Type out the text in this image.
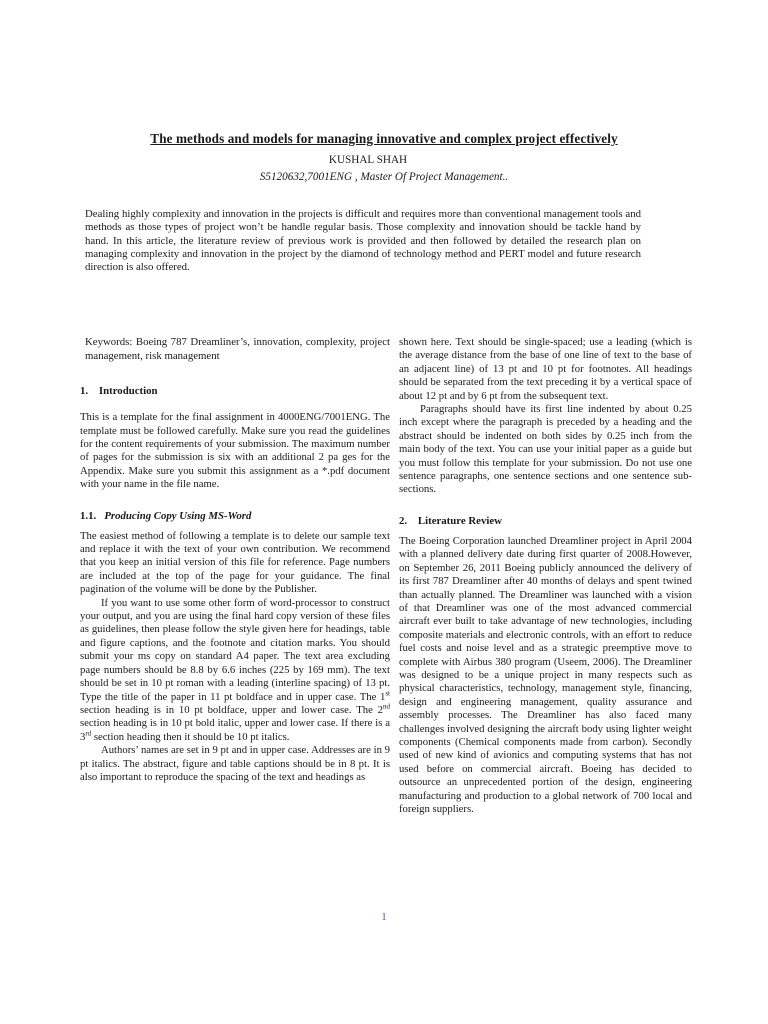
The methods and models for managing innovative and complex project effectively
KUSHAL SHAH
S5120632,7001ENG , Master Of Project Management..

Dealing highly complexity and innovation in the projects is difficult and requires more than conventional management tools and methods as those types of project won’t be handle regular basis. Those complexity and innovation should be tackle hand by hand. In this article, the literature review of previous work is provided and then followed by detailed the research plan on managing complexity and innovation in the project by the diamond of technology method and PERT model and future research direction is also offered.

Keywords: Boeing 787 Dreamliner’s, innovation, complexity, project management, risk management

1. Introduction

This is a template for the final assignment in 4000ENG/7001ENG. The template must be followed carefully. Make sure you read the guidelines for the content requirements of your submission. The maximum number of pages for the submission is six with an additional 2 pa ges for the Appendix. Make sure you submit this assignment as a *.pdf document with your name in the file name.

1.1. Producing Copy Using MS-Word

The easiest method of following a template is to delete our sample text and replace it with the text of your own contribution. We recommend that you keep an initial version of this file for reference. Page numbers are included at the top of the page for your guidance. The final pagination of the volume will be done by the Publisher.

If you want to use some other form of word-processor to construct your output, and you are using the final hard copy version of these files as guidelines, then please follow the style given here for headings, table and figure captions, and the footnote and citation marks. You should submit your ms copy on standard A4 paper. The text area excluding page numbers should be 8.8 by 6.6 inches (225 by 169 mm). The text should be set in 10 pt roman with a leading (interline spacing) of 13 pt. Type the title of the paper in 11 pt boldface and in upper case. The 1st section heading is in 10 pt boldface, upper and lower case. The 2nd section heading is in 10 pt bold italic, upper and lower case. If there is a 3rd section heading then it should be 10 pt italics.

Authors’ names are set in 9 pt and in upper case. Addresses are in 9 pt italics. The abstract, figure and table captions should be in 8 pt. It is also important to reproduce the spacing of the text and headings as

shown here. Text should be single-spaced; use a leading (which is the average distance from the base of one line of text to the base of an adjacent line) of 13 pt and 10 pt for footnotes. All headings should be separated from the text preceding it by a vertical space of about 12 pt and by 6 pt from the subsequent text.

Paragraphs should have its first line indented by about 0.25 inch except where the paragraph is preceded by a heading and the abstract should be indented on both sides by 0.25 inch from the main body of the text. You can use your initial paper as a guide but you must follow this template for your submission. Do not use one sentence paragraphs, one sentence sections and one sentence sub-sections.

2. Literature Review

The Boeing Corporation launched Dreamliner project in April 2004 with a planned delivery date during first quarter of 2008.However, on September 26, 2011 Boeing publicly announced the delivery of its first 787 Dreamliner after 40 months of delays and spent twined than actually planned. The Dreamliner was launched with a vision of that Dreamliner was one of the most advanced commercial aircraft ever built to take advantage of new technologies, including composite materials and electronic controls, with an effort to reduce fuel costs and noise level and as a strategic preemptive move to complete with Airbus 380 program (Useem, 2006). The Dreamliner was designed to be a unique project in many respects such as physical characteristics, technology, management style, financing, design and engineering management, quality assurance and assembly processes. The Dreamliner has also faced many challenges involved designing the aircraft body using lighter weight components (Chemical components made from carbon). Secondly used of new kind of avionics and computing systems that has not used before on commercial aircraft. Boeing has decided to outsource an unprecedented portion of the design, engineering manufacturing and production to a global network of 700 local and foreign suppliers.

1
